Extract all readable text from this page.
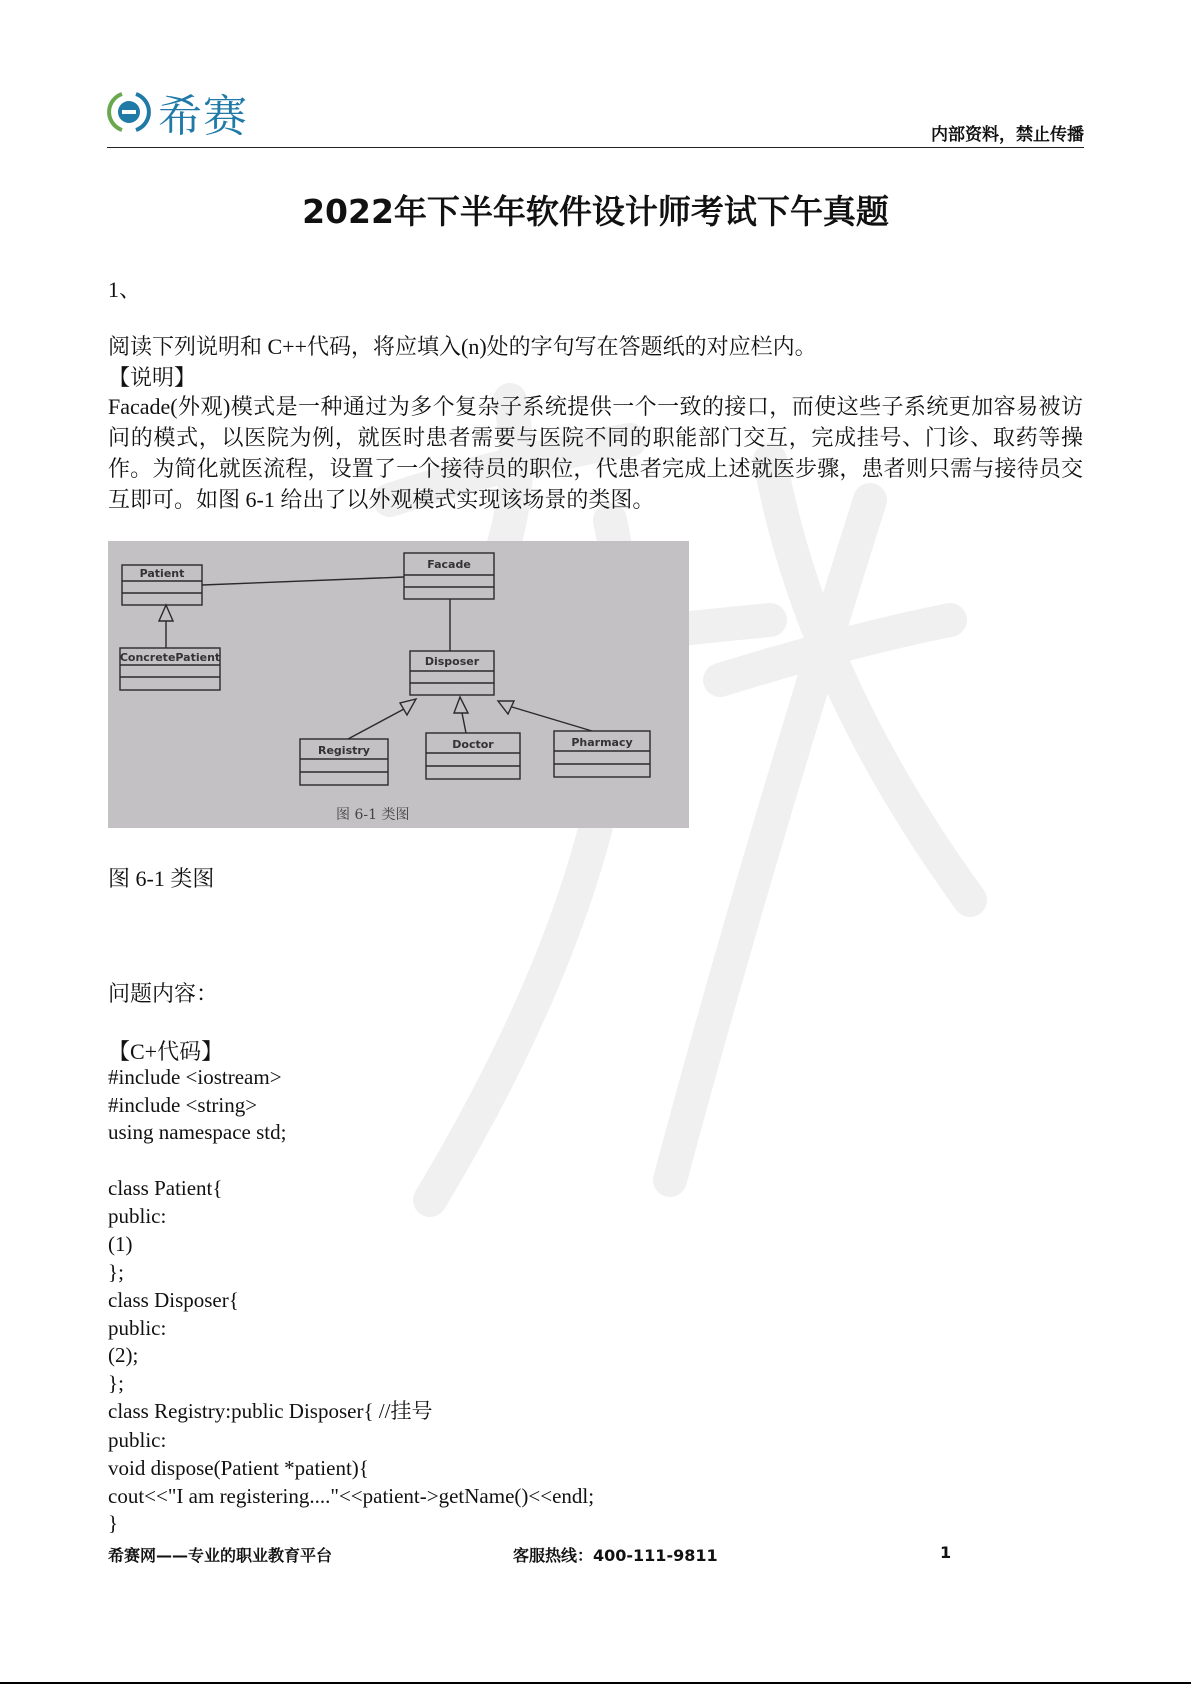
希赛	内部资料，禁止传播
2022年下半年软件设计师考试下午真题
1、
阅读下列说明和 C++代码，将应填入(n)处的字句写在答题纸的对应栏内。
【说明】
Facade(外观)模式是一种通过为多个复杂子系统提供一个一致的接口，而使这些子系统更加容易被访问的模式，以医院为例，就医时患者需要与医院不同的职能部门交互，完成挂号、门诊、取药等操作。为简化就医流程，设置了一个接待员的职位，代患者完成上述就医步骤，患者则只需与接待员交互即可。如图 6-1 给出了以外观模式实现该场景的类图。
Patient
Facade
ConcretePatient	Disposer
Registry	Doctor	Pharmacy
图 6-1 类图
图 6-1 类图
问题内容：
【C+代码】
#include <iostream>
#include <string>
using namespace std;
class Patient{
public:
(1)
};
class Disposer{
public:
(2);
};
class Registry:public Disposer{ //挂号
public:
void dispose(Patient *patient){
cout<<"I am registering...."<<patient->getName()<<endl;
}
希赛网——专业的职业教育平台	客服热线：400-111-9811	1
